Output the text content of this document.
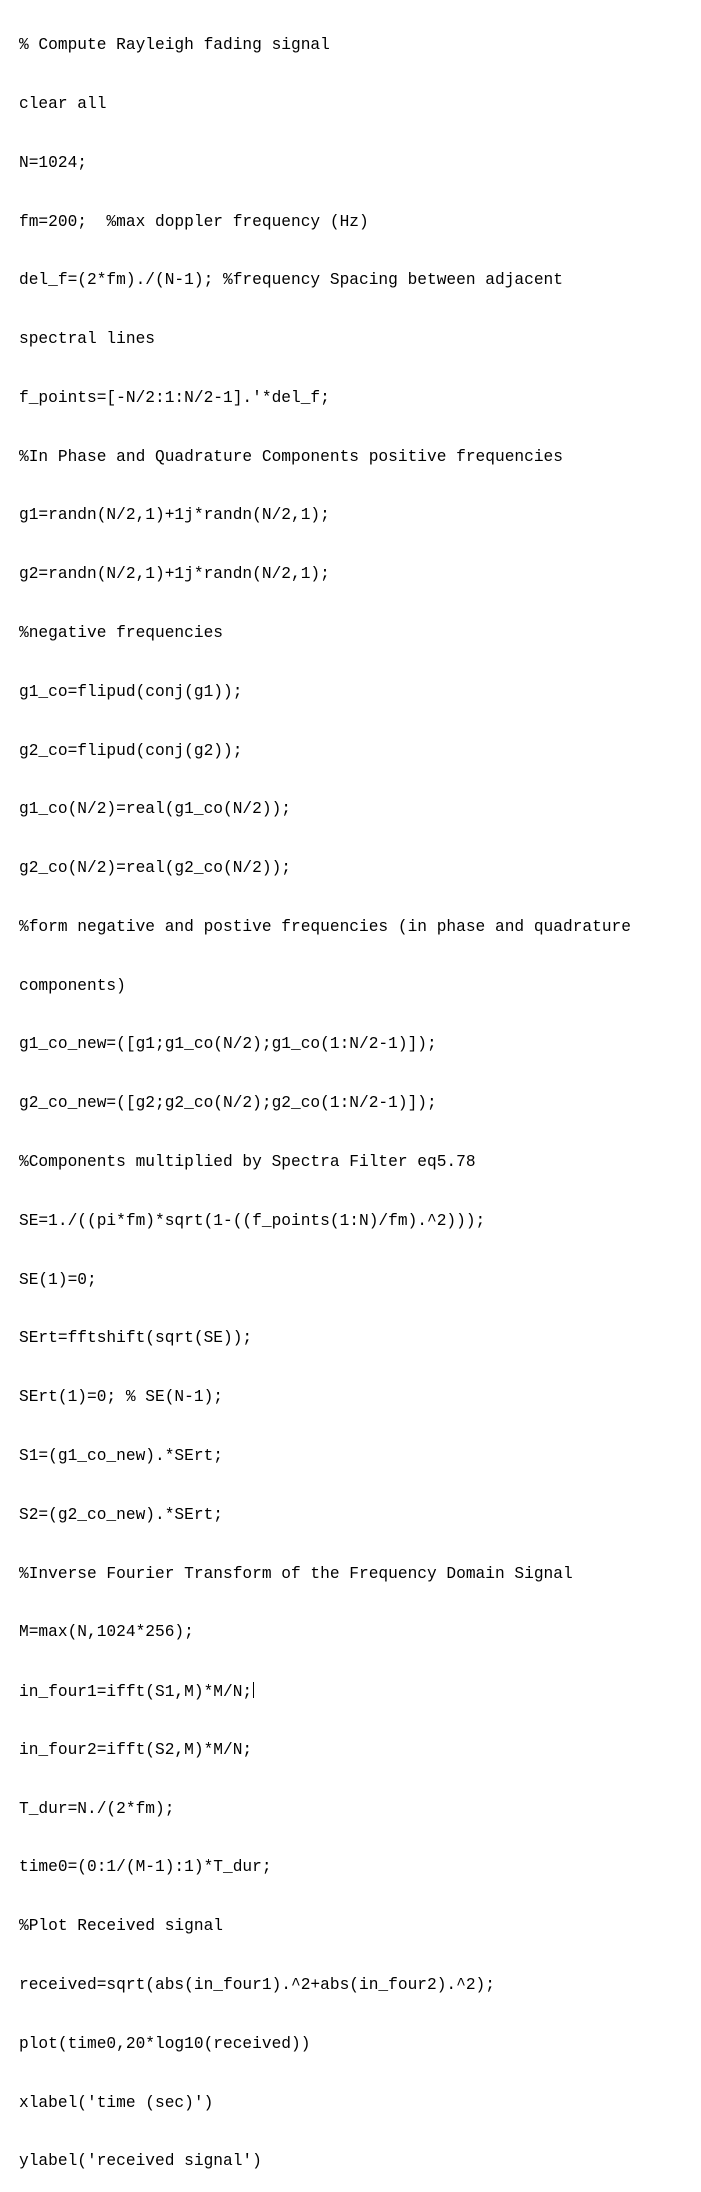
% Compute Rayleigh fading signal

clear all

N=1024;

fm=200;  %max doppler frequency (Hz)

del_f=(2*fm)./(N-1); %frequency Spacing between adjacent

spectral lines

f_points=[-N/2:1:N/2-1].'*del_f;

%In Phase and Quadrature Components positive frequencies

g1=randn(N/2,1)+1j*randn(N/2,1);

g2=randn(N/2,1)+1j*randn(N/2,1);

%negative frequencies

g1_co=flipud(conj(g1));

g2_co=flipud(conj(g2));

g1_co(N/2)=real(g1_co(N/2));

g2_co(N/2)=real(g2_co(N/2));

%form negative and postive frequencies (in phase and quadrature

components)

g1_co_new=([g1;g1_co(N/2);g1_co(1:N/2-1)]);

g2_co_new=([g2;g2_co(N/2);g2_co(1:N/2-1)]);

%Components multiplied by Spectra Filter eq5.78

SE=1./((pi*fm)*sqrt(1-((f_points(1:N)/fm).^2)));

SE(1)=0;

SErt=fftshift(sqrt(SE));

SErt(1)=0; % SE(N-1);

S1=(g1_co_new).*SErt;

S2=(g2_co_new).*SErt;

%Inverse Fourier Transform of the Frequency Domain Signal

M=max(N,1024*256);

in_four1=ifft(S1,M)*M/N;

in_four2=ifft(S2,M)*M/N;

T_dur=N./(2*fm);

time0=(0:1/(M-1):1)*T_dur;

%Plot Received signal

received=sqrt(abs(in_four1).^2+abs(in_four2).^2);

plot(time0,20*log10(received))

xlabel('time (sec)')

ylabel('received signal')
